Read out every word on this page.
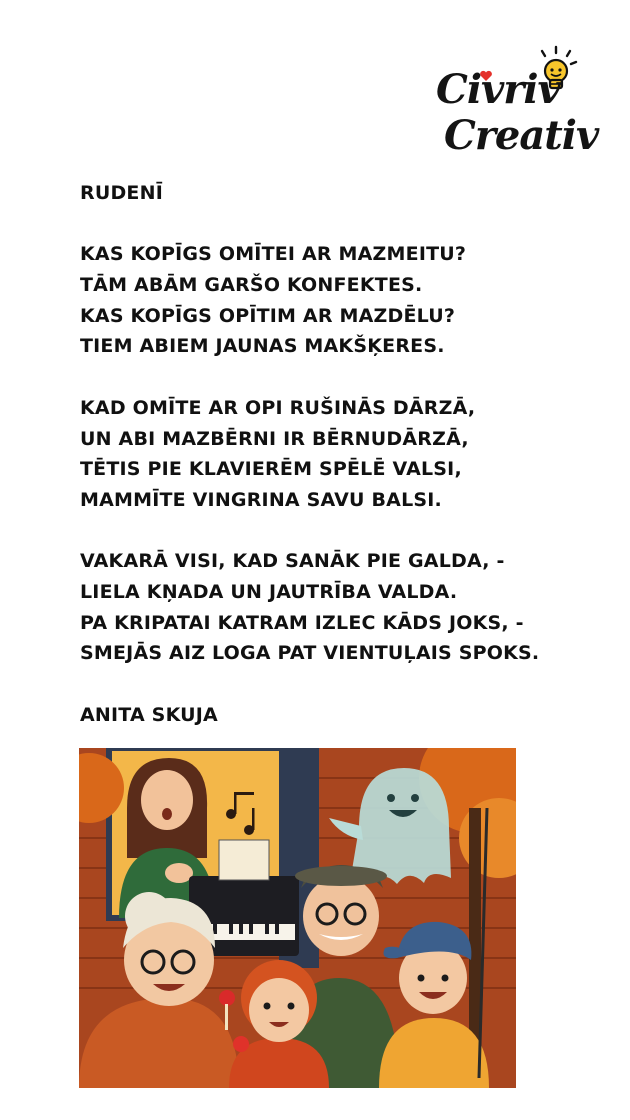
Civriv
Creativ
RUDENĪ
KAS KOPĪGS OMĪTEI AR MAZMEITU?
TĀM ABĀM GARŠO KONFEKTES.
KAS KOPĪGS OPĪTIM AR MAZDĒLU?
TIEM ABIEM JAUNAS MAKŠĶERES.
KAD OMĪTE AR OPI RUŠINĀS DĀRZĀ,
UN ABI MAZBĒRNI IR BĒRNUDĀRZĀ,
TĒTIS PIE KLAVIERĒM SPĒLĒ VALSI,
MAMMĪTE VINGRINA SAVU BALSI.
VAKARĀ VISI, KAD SANĀK PIE GALDA, -
LIELA KŅADA UN JAUTRĪBA VALDA.
PA KRIPATAI KATRAM IZLEC KĀDS JOKS, -
SMEJĀS AIZ LOGA PAT VIENTUĻAIS SPOKS.
ANITA SKUJA
